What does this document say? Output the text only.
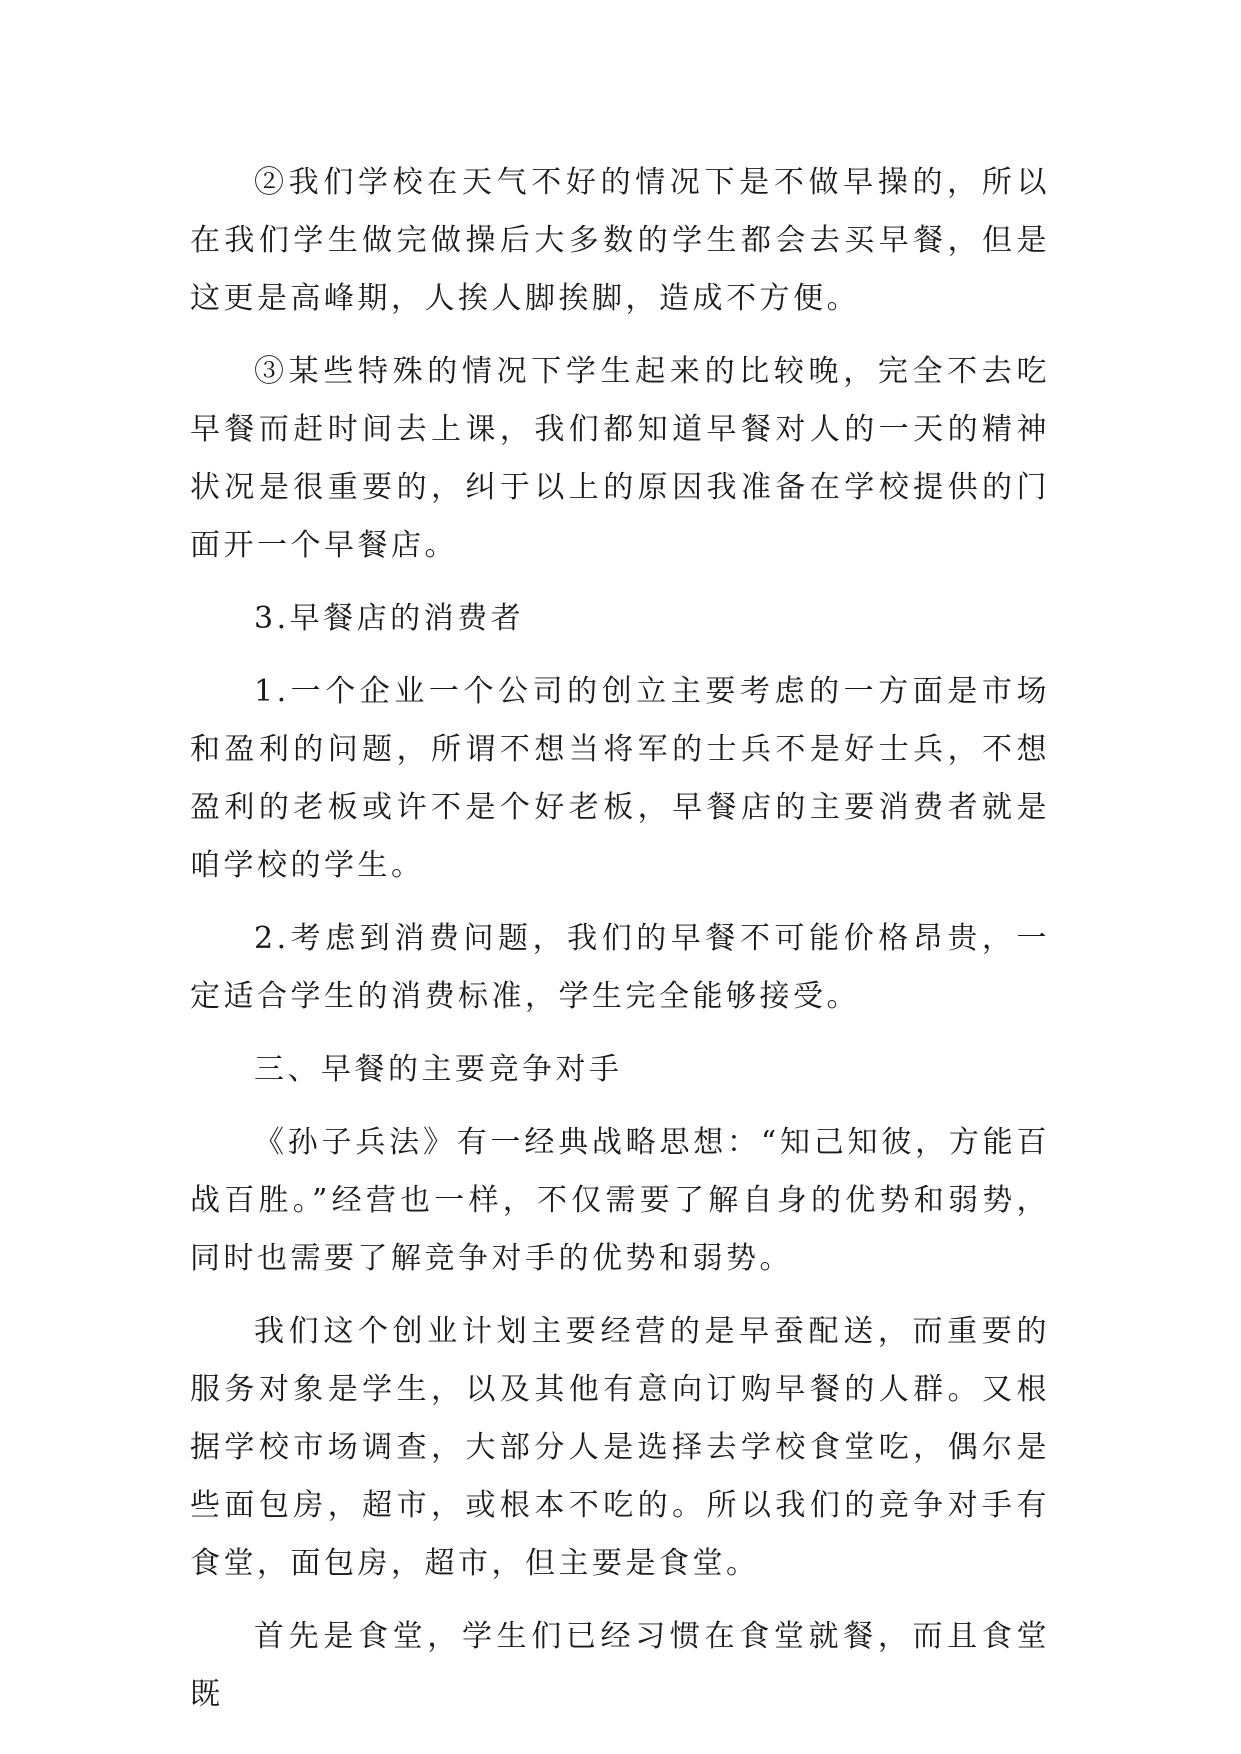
②我们学校在天气不好的情况下是不做早操的，所以在我们学生做完做操后大多数的学生都会去买早餐，但是这更是高峰期，人挨人脚挨脚，造成不方便。

③某些特殊的情况下学生起来的比较晚，完全不去吃早餐而赶时间去上课，我们都知道早餐对人的一天的精神状况是很重要的，纠于以上的原因我准备在学校提供的门面开一个早餐店。

3.早餐店的消费者

1.一个企业一个公司的创立主要考虑的一方面是市场和盈利的问题，所谓不想当将军的士兵不是好士兵，不想盈利的老板或许不是个好老板，早餐店的主要消费者就是咱学校的学生。

2.考虑到消费问题，我们的早餐不可能价格昂贵，一定适合学生的消费标准，学生完全能够接受。

三、早餐的主要竞争对手

《孙子兵法》有一经典战略思想：“知己知彼，方能百战百胜。”经营也一样，不仅需要了解自身的优势和弱势，同时也需要了解竞争对手的优势和弱势。

我们这个创业计划主要经营的是早蚕配送，而重要的服务对象是学生，以及其他有意向订购早餐的人群。又根据学校市场调查，大部分人是选择去学校食堂吃，偶尔是些面包房，超市，或根本不吃的。所以我们的竞争对手有食堂，面包房，超市，但主要是食堂。

首先是食堂，学生们已经习惯在食堂就餐，而且食堂既
